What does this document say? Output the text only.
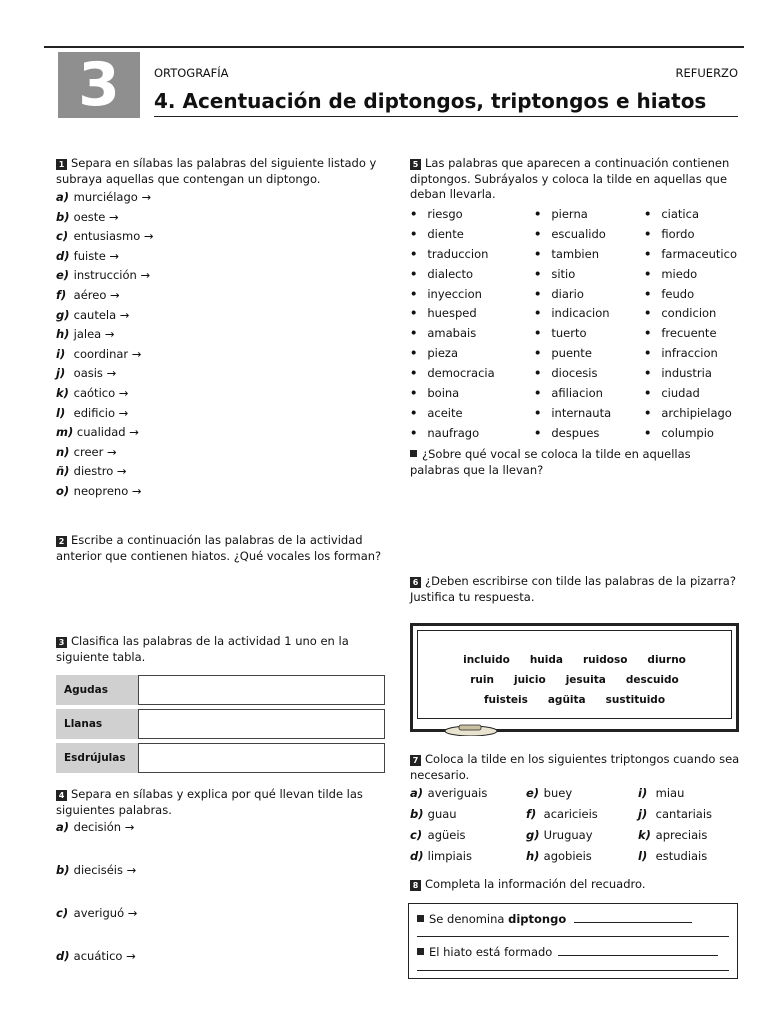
3	ORTOGRAFÍA	REFUERZO
4. Acentuación de diptongos, triptongos e hiatos
1 Separa en sílabas las palabras del siguiente listado y subraya aquellas que contengan un diptongo.
a) murciélago →
b) oeste →
c) entusiasmo →
d) fuiste →
e) instrucción →
f) aéreo →
g) cautela →
h) jalea →
i) coordinar →
j) oasis →
k) caótico →
l) edificio →
m) cualidad →
n) creer →
ñ) diestro →
o) neopreno →
2 Escribe a continuación las palabras de la actividad anterior que contienen hiatos. ¿Qué vocales los forman?
3 Clasifica las palabras de la actividad 1 uno en la siguiente tabla.
Agudas	
Llanas	
Esdrújulas	
4 Separa en sílabas y explica por qué llevan tilde las siguientes palabras.
a) decisión →
b) dieciséis →
c) averiguó →
d) acuático →
5 Las palabras que aparecen a continuación contienen diptongos. Subráyalos y coloca la tilde en aquellas que deban llevarla.
• riesgo	• pierna	• ciatica
• diente	• escualido	• fiordo
• traduccion	• tambien	• farmaceutico
• dialecto	• sitio	• miedo
• inyeccion	• diario	• feudo
• huesped	• indicacion	• condicion
• amabais	• tuerto	• frecuente
• pieza	• puente	• infraccion
• democracia	• diocesis	• industria
• boina	• afiliacion	• ciudad
• aceite	• internauta	• archipielago
• naufrago	• despues	• columpio
¿Sobre qué vocal se coloca la tilde en aquellas palabras que la llevan?
6 ¿Deben escribirse con tilde las palabras de la pizarra? Justifica tu respuesta.
incluido huida ruidoso diurno
ruin juicio jesuita descuido
fuisteis agüita sustituido
7 Coloca la tilde en los siguientes triptongos cuando sea necesario.
a) averiguais	e) buey	i) miau
b) guau	f) acaricieis	j) cantariais
c) agüeis	g) Uruguay	k) apreciais
d) limpiais	h) agobieis	l) estudiais
8 Completa la información del recuadro.
Se denomina diptongo
El hiato está formado
